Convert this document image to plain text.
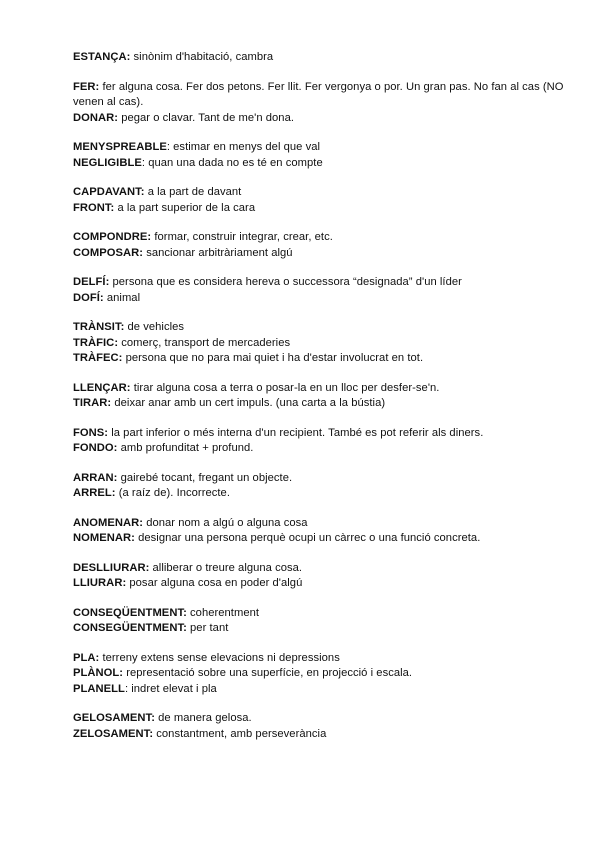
ESTANÇA: sinònim d'habitació, cambra
FER: fer alguna cosa. Fer dos petons. Fer llit. Fer vergonya o por. Un gran pas. No fan al cas (NO venen al cas).
DONAR: pegar o clavar. Tant de me'n dona.
MENYSPREABLE: estimar en menys del que val
NEGLIGIBLE: quan una dada no es té en compte
CAPDAVANT: a la part de davant
FRONT: a la part superior de la cara
COMPONDRE: formar, construir integrar, crear, etc.
COMPOSAR: sancionar arbitràriament algú
DELFÍ: persona que es considera hereva o successora “designada” d'un líder
DOFÍ: animal
TRÀNSIT: de vehicles
TRÀFIC: comerç, transport de mercaderies
TRÀFEC: persona que no para mai quiet i ha d'estar involucrat en tot.
LLENÇAR: tirar alguna cosa a terra o posar-la en un lloc per desfer-se'n.
TIRAR: deixar anar amb un cert impuls. (una carta a la bústia)
FONS: la part inferior o més interna d'un recipient. També es pot referir als diners.
FONDO: amb profunditat + profund.
ARRAN: gairebé tocant, fregant un objecte.
ARREL: (a raíz de). Incorrecte.
ANOMENAR: donar nom a algú o alguna cosa
NOMENAR: designar una persona perquè ocupi un càrrec o una funció concreta.
DESLLIURAR: alliberar o treure alguna cosa.
LLIURAR: posar alguna cosa en poder d'algú
CONSEQÜENTMENT: coherentment
CONSEGÜENTMENT: per tant
PLA: terreny extens sense elevacions ni depressions
PLÀNOL: representació sobre una superfície, en projecció i escala.
PLANELL: indret elevat i pla
GELOSAMENT: de manera gelosa.
ZELOSAMENT: constantment, amb perseverància
